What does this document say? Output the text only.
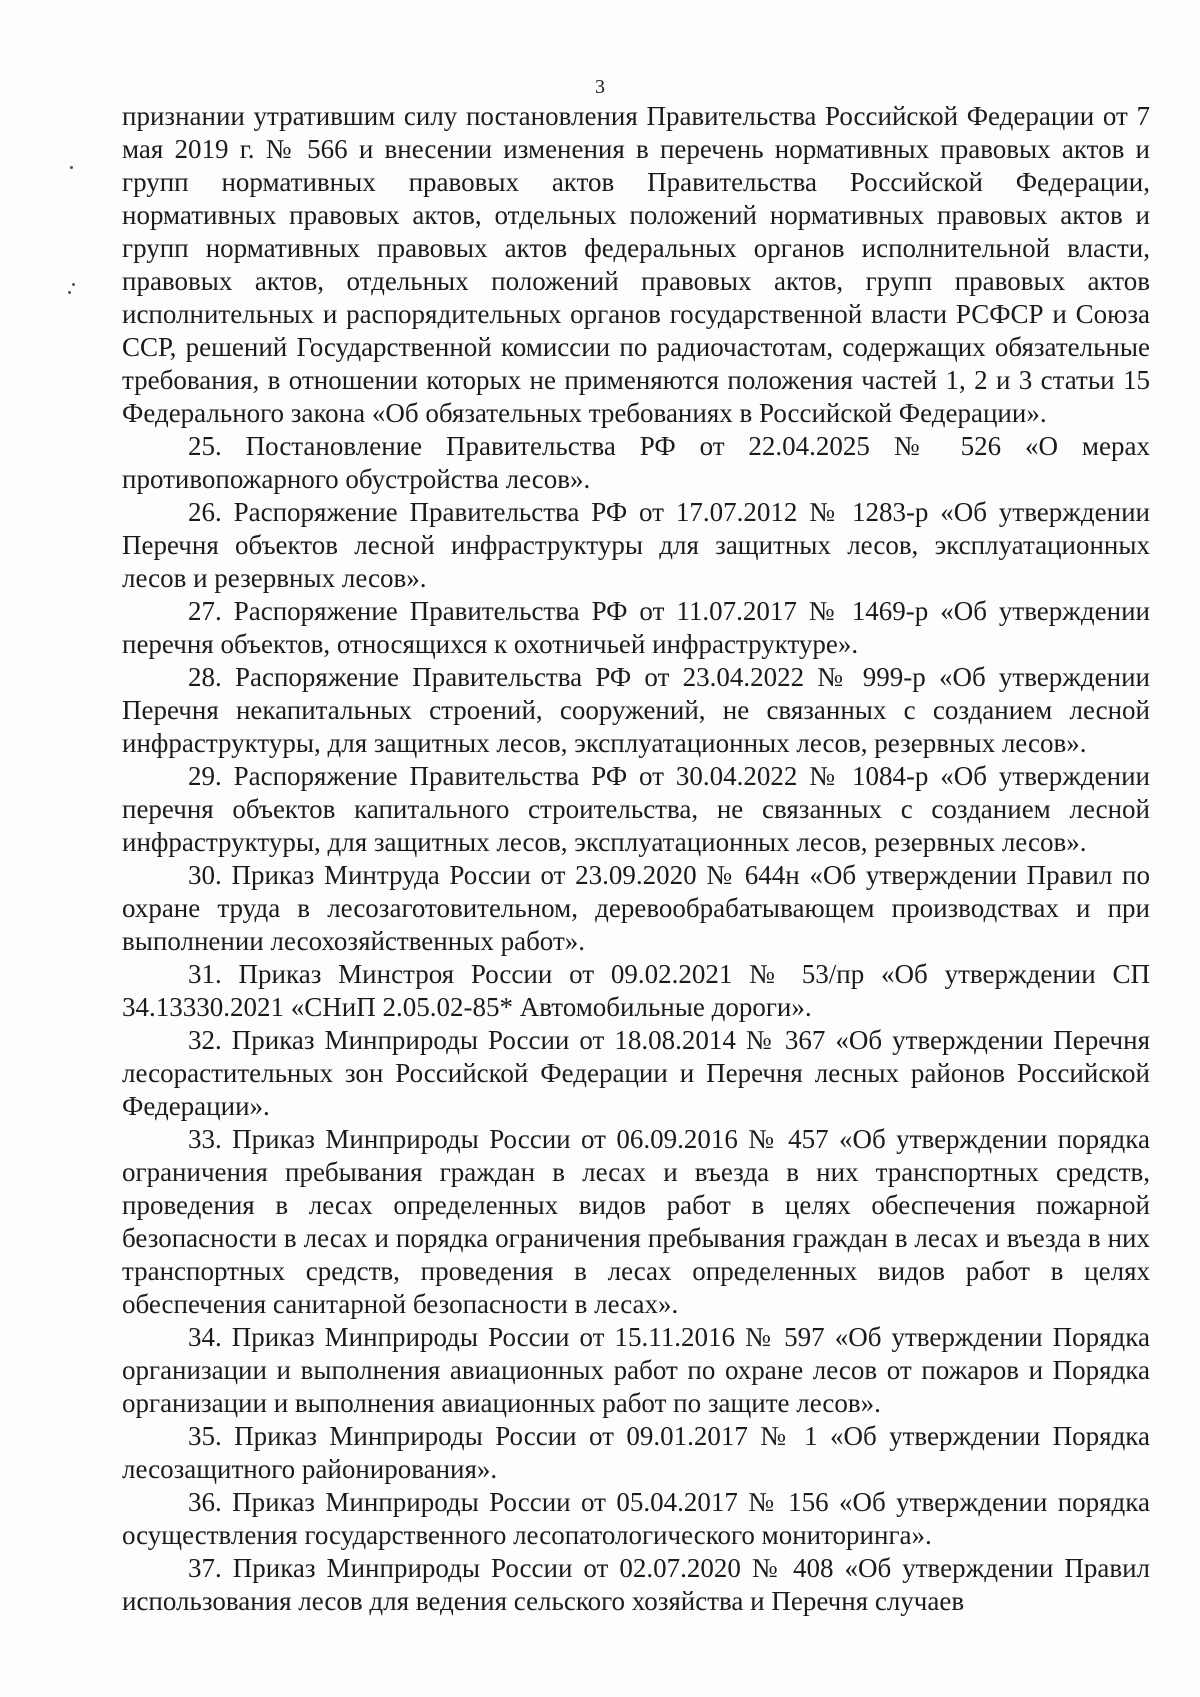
3

признании утратившим силу постановления Правительства Российской Федерации от 7 мая 2019 г. № 566 и внесении изменения в перечень нормативных правовых актов и групп нормативных правовых актов Правительства Российской Федерации, нормативных правовых актов, отдельных положений нормативных правовых актов и групп нормативных правовых актов федеральных органов исполнительной власти, правовых актов, отдельных положений правовых актов, групп правовых актов исполнительных и распорядительных органов государственной власти РСФСР и Союза ССР, решений Государственной комиссии по радиочастотам, содержащих обязательные требования, в отношении которых не применяются положения частей 1, 2 и 3 статьи 15 Федерального закона «Об обязательных требованиях в Российской Федерации».

25. Постановление Правительства РФ от 22.04.2025 № 526 «О мерах противопожарного обустройства лесов».

26. Распоряжение Правительства РФ от 17.07.2012 № 1283-р «Об утверждении Перечня объектов лесной инфраструктуры для защитных лесов, эксплуатационных лесов и резервных лесов».

27. Распоряжение Правительства РФ от 11.07.2017 № 1469-р «Об утверждении перечня объектов, относящихся к охотничьей инфраструктуре».

28. Распоряжение Правительства РФ от 23.04.2022 № 999-р «Об утверждении Перечня некапитальных строений, сооружений, не связанных с созданием лесной инфраструктуры, для защитных лесов, эксплуатационных лесов, резервных лесов».

29. Распоряжение Правительства РФ от 30.04.2022 № 1084-р «Об утверждении перечня объектов капитального строительства, не связанных с созданием лесной инфраструктуры, для защитных лесов, эксплуатационных лесов, резервных лесов».

30. Приказ Минтруда России от 23.09.2020 № 644н «Об утверждении Правил по охране труда в лесозаготовительном, деревообрабатывающем производствах и при выполнении лесохозяйственных работ».

31. Приказ Минстроя России от 09.02.2021 № 53/пр «Об утверждении СП 34.13330.2021 «СНиП 2.05.02-85* Автомобильные дороги».

32. Приказ Минприроды России от 18.08.2014 № 367 «Об утверждении Перечня лесорастительных зон Российской Федерации и Перечня лесных районов Российской Федерации».

33. Приказ Минприроды России от 06.09.2016 № 457 «Об утверждении порядка ограничения пребывания граждан в лесах и въезда в них транспортных средств, проведения в лесах определенных видов работ в целях обеспечения пожарной безопасности в лесах и порядка ограничения пребывания граждан в лесах и въезда в них транспортных средств, проведения в лесах определенных видов работ в целях обеспечения санитарной безопасности в лесах».

34. Приказ Минприроды России от 15.11.2016 № 597 «Об утверждении Порядка организации и выполнения авиационных работ по охране лесов от пожаров и Порядка организации и выполнения авиационных работ по защите лесов».

35. Приказ Минприроды России от 09.01.2017 № 1 «Об утверждении Порядка лесозащитного районирования».

36. Приказ Минприроды России от 05.04.2017 № 156 «Об утверждении порядка осуществления государственного лесопатологического мониторинга».

37. Приказ Минприроды России от 02.07.2020 № 408 «Об утверждении Правил использования лесов для ведения сельского хозяйства и Перечня случаев
